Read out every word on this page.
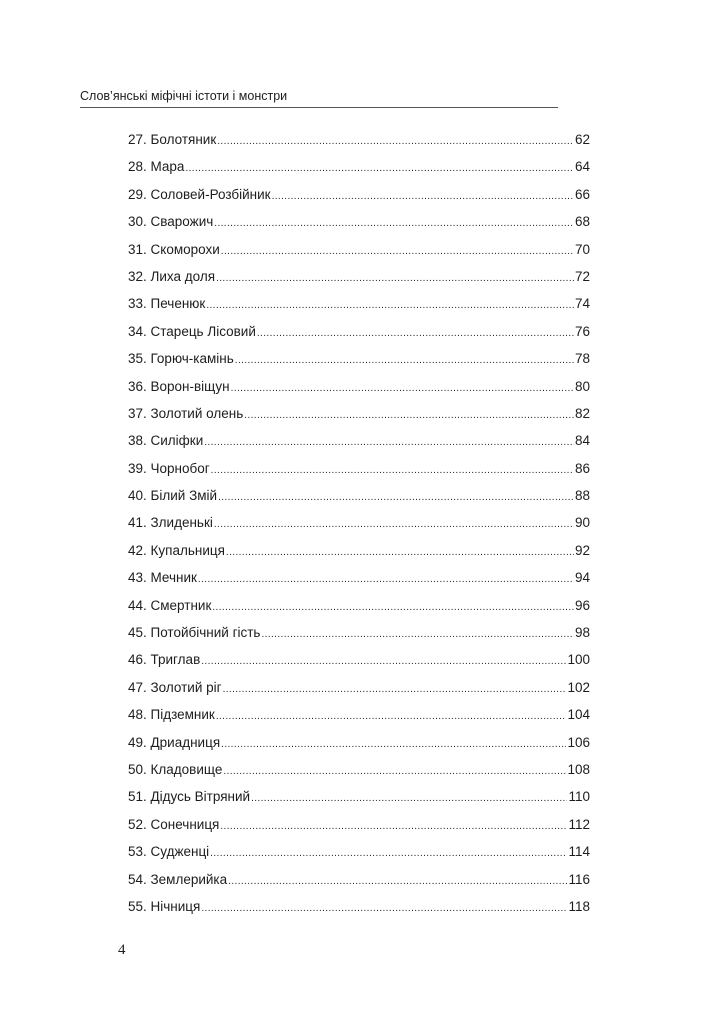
Слов’янські міфічні істоти і монстри
27. Болотяник .....	62
28. Мара .....	64
29. Соловей-Розбійник .....	66
30. Сварожич .....	68
31. Скоморохи .....	70
32. Лиха доля .....	72
33. Печенюк .....	74
34. Старець Лісовий .....	76
35. Горюч-камінь .....	78
36. Ворон-віщун .....	80
37. Золотий олень .....	82
38. Силіфки .....	84
39. Чорнобог .....	86
40. Білий Змій .....	88
41. Злиденькі .....	90
42. Купальниця .....	92
43. Мечник .....	94
44. Смертник .....	96
45. Потойбічний гість .....	98
46. Триглав .....	100
47. Золотий ріг .....	102
48. Підземник .....	104
49. Дриадниця .....	106
50. Кладовище .....	108
51. Дідусь Вітряний .....	110
52. Сонечниця .....	112
53. Судженці .....	114
54. Землерийка .....	116
55. Нічниця .....	118
4
